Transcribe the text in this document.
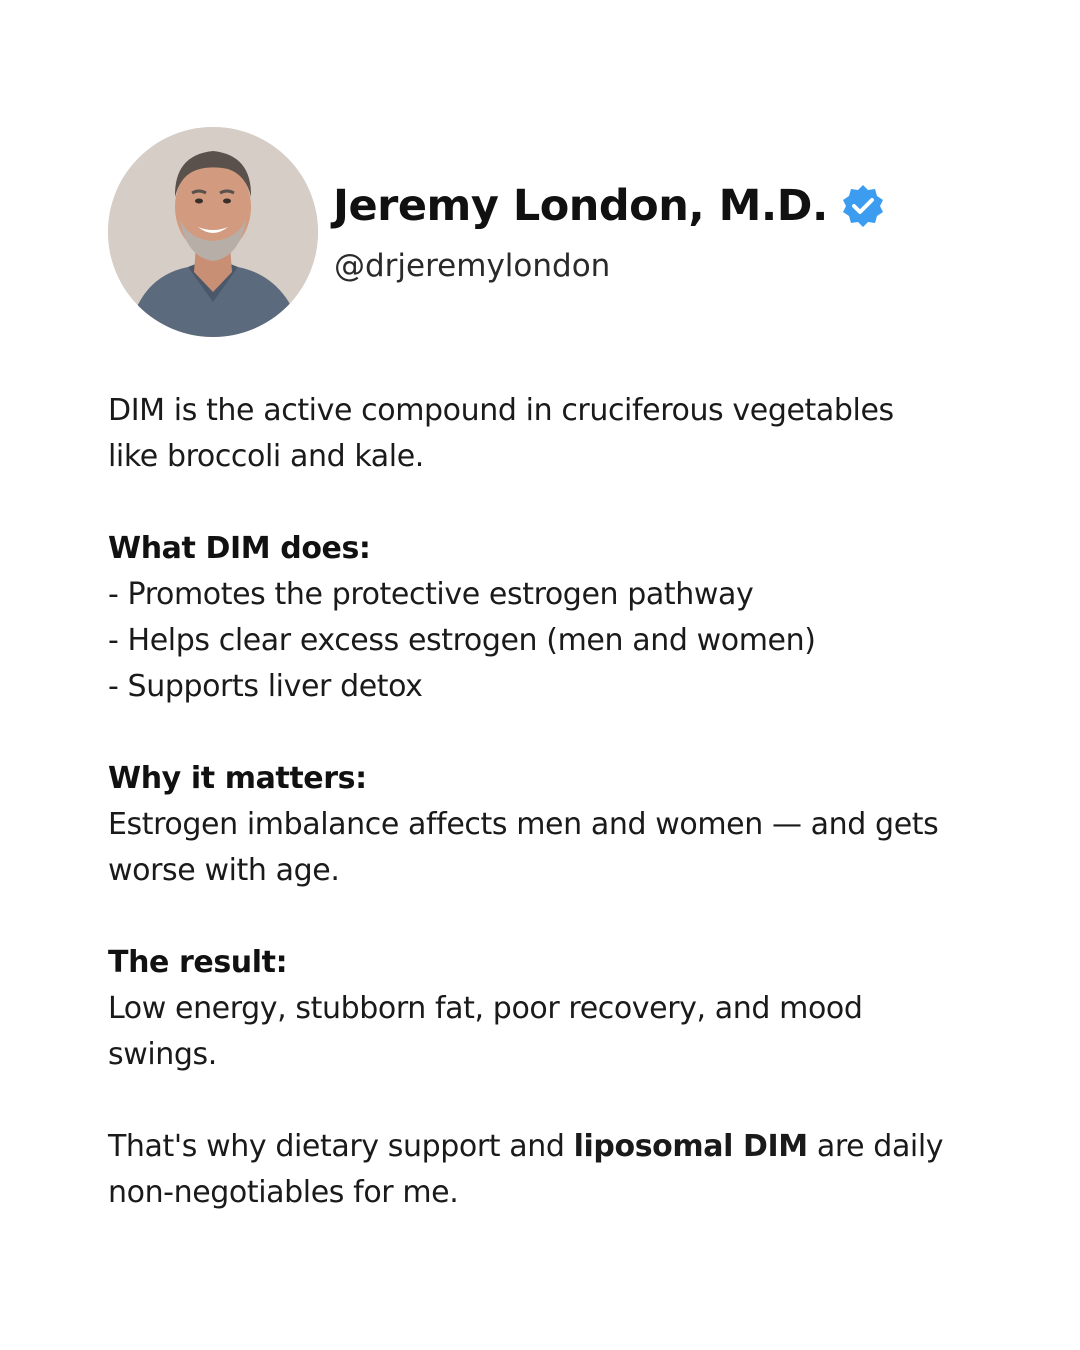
Jeremy London, M.D.
@drjeremylondon

DIM is the active compound in cruciferous vegetables
like broccoli and kale.

What DIM does:

- Promotes the protective estrogen pathway

- Helps clear excess estrogen (men and women)

- Supports liver detox

Why it matters:

Estrogen imbalance affects men and women — and gets
worse with age.

The result:

Low energy, stubborn fat, poor recovery, and mood
swings.

That's why dietary support and liposomal DIM are daily
non-negotiables for me.
